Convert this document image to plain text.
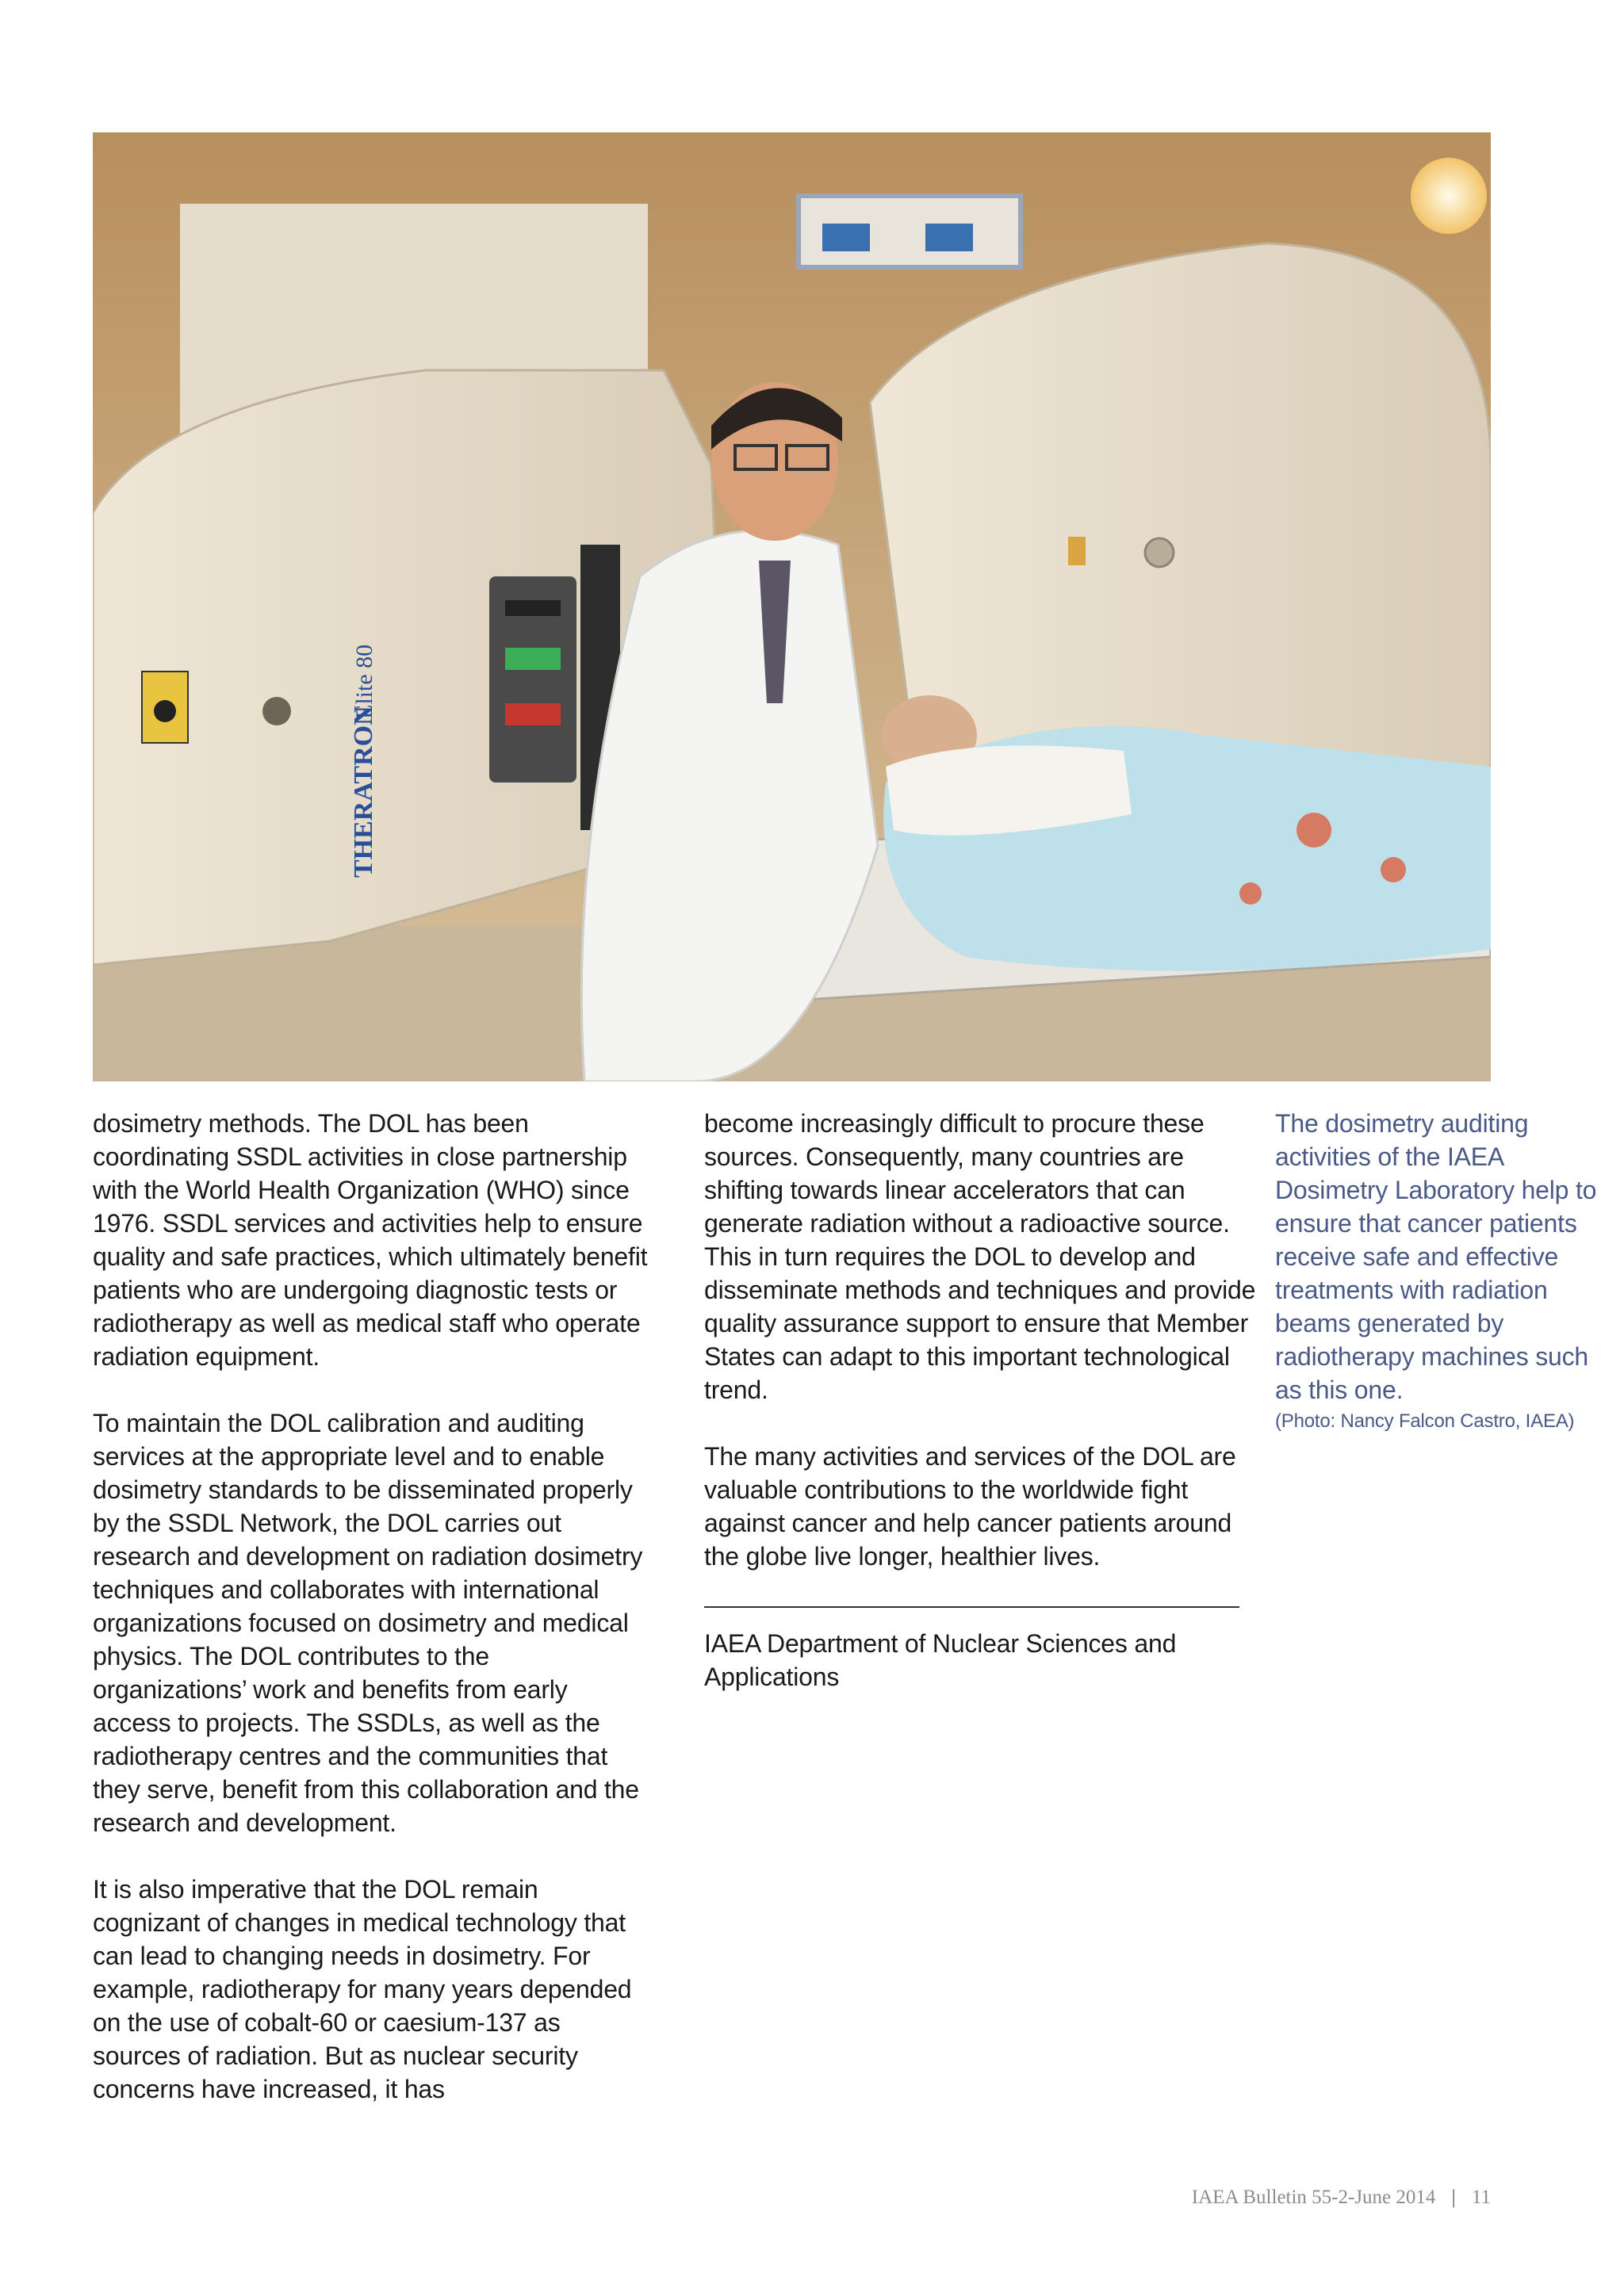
THERATRON
Elite 80

dosimetry methods. The DOL has been coordinating SSDL activities in close partnership with the World Health Organization (WHO) since 1976. SSDL services and activities help to ensure quality and safe practices, which ultimately benefit patients who are undergoing diagnostic tests or radiotherapy as well as medical staff who operate radiation equipment.

To maintain the DOL calibration and auditing services at the appropriate level and to enable dosimetry standards to be disseminated properly by the SSDL Network, the DOL carries out research and development on radiation dosimetry techniques and collaborates with international organizations focused on dosimetry and medical physics. The DOL contributes to the organizations’ work and benefits from early access to projects. The SSDLs, as well as the radiotherapy centres and the communities that they serve, benefit from this collaboration and the research and development.

It is also imperative that the DOL remain cognizant of changes in medical technology that can lead to changing needs in dosimetry. For example, radiotherapy for many years depended on the use of cobalt-60 or caesium-137 as sources of radiation. But as nuclear security concerns have increased, it has

become increasingly difficult to procure these sources. Consequently, many countries are shifting towards linear accelerators that can generate radiation without a radioactive source. This in turn requires the DOL to develop and disseminate methods and techniques and provide quality assurance support to ensure that Member States can adapt to this important technological trend.

The many activities and services of the DOL are valuable contributions to the worldwide fight against cancer and help cancer patients around the globe live longer, healthier lives.

IAEA Department of Nuclear Sciences and Applications

The dosimetry auditing activities of the IAEA Dosimetry Laboratory help to ensure that cancer patients receive safe and effective treatments with radiation beams generated by radiotherapy machines such as this one.
(Photo: Nancy Falcon Castro, IAEA)
IAEA Bulletin 55-2-June 2014 | 11
